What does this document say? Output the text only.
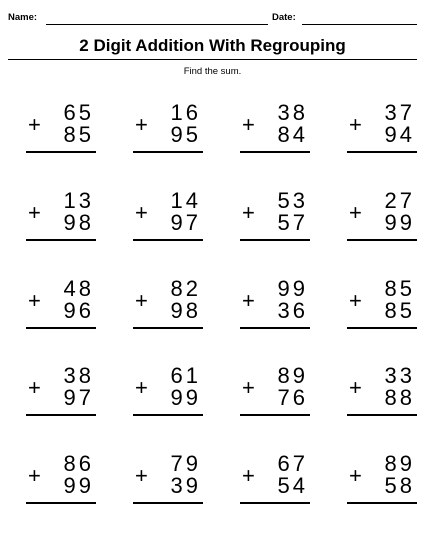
Name:	Date:
2 Digit Addition With Regrouping
Find the sum.
65
+ 85
16
+ 95
38
+ 84
37
+ 94
13
+ 98
14
+ 97
53
+ 57
27
+ 99
48
+ 96
82
+ 98
99
+ 36
85
+ 85
38
+ 97
61
+ 99
89
+ 76
33
+ 88
86
+ 99
79
+ 39
67
+ 54
89
+ 58
